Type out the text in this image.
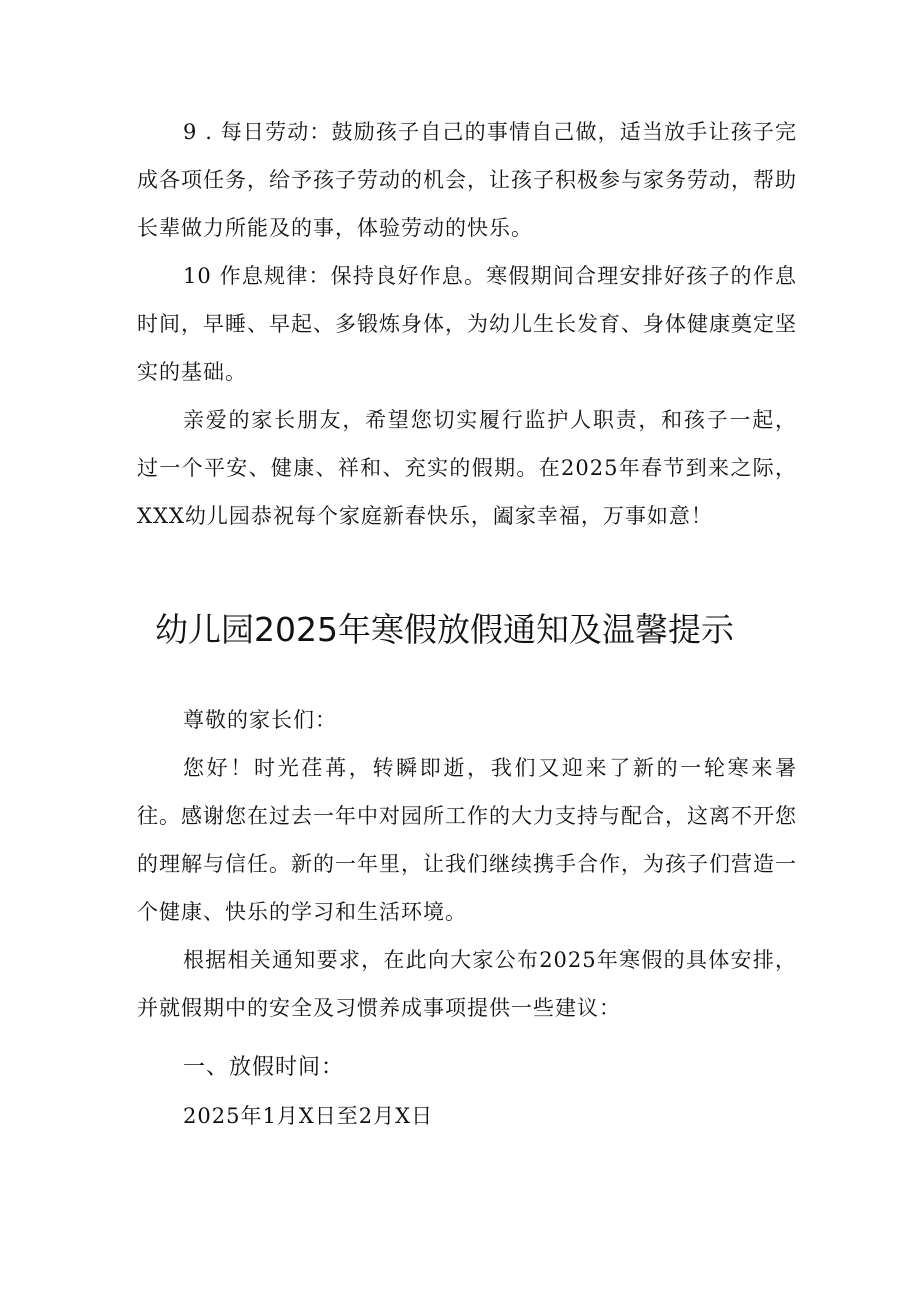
9 . 每日劳动：鼓励孩子自己的事情自己做，适当放手让孩子完成各项任务，给予孩子劳动的机会，让孩子积极参与家务劳动，帮助长辈做力所能及的事，体验劳动的快乐。

10 作息规律：保持良好作息。寒假期间合理安排好孩子的作息时间，早睡、早起、多锻炼身体，为幼儿生长发育、身体健康奠定坚实的基础。

亲爱的家长朋友，希望您切实履行监护人职责，和孩子一起，过一个平安、健康、祥和、充实的假期。在2025年春节到来之际，XXX幼儿园恭祝每个家庭新春快乐，阖家幸福，万事如意！

幼儿园2025年寒假放假通知及温馨提示

尊敬的家长们：

您好！时光荏苒，转瞬即逝，我们又迎来了新的一轮寒来暑往。感谢您在过去一年中对园所工作的大力支持与配合，这离不开您的理解与信任。新的一年里，让我们继续携手合作，为孩子们营造一个健康、快乐的学习和生活环境。

根据相关通知要求，在此向大家公布2025年寒假的具体安排，并就假期中的安全及习惯养成事项提供一些建议：

一、放假时间：

2025年1月X日至2月X日
